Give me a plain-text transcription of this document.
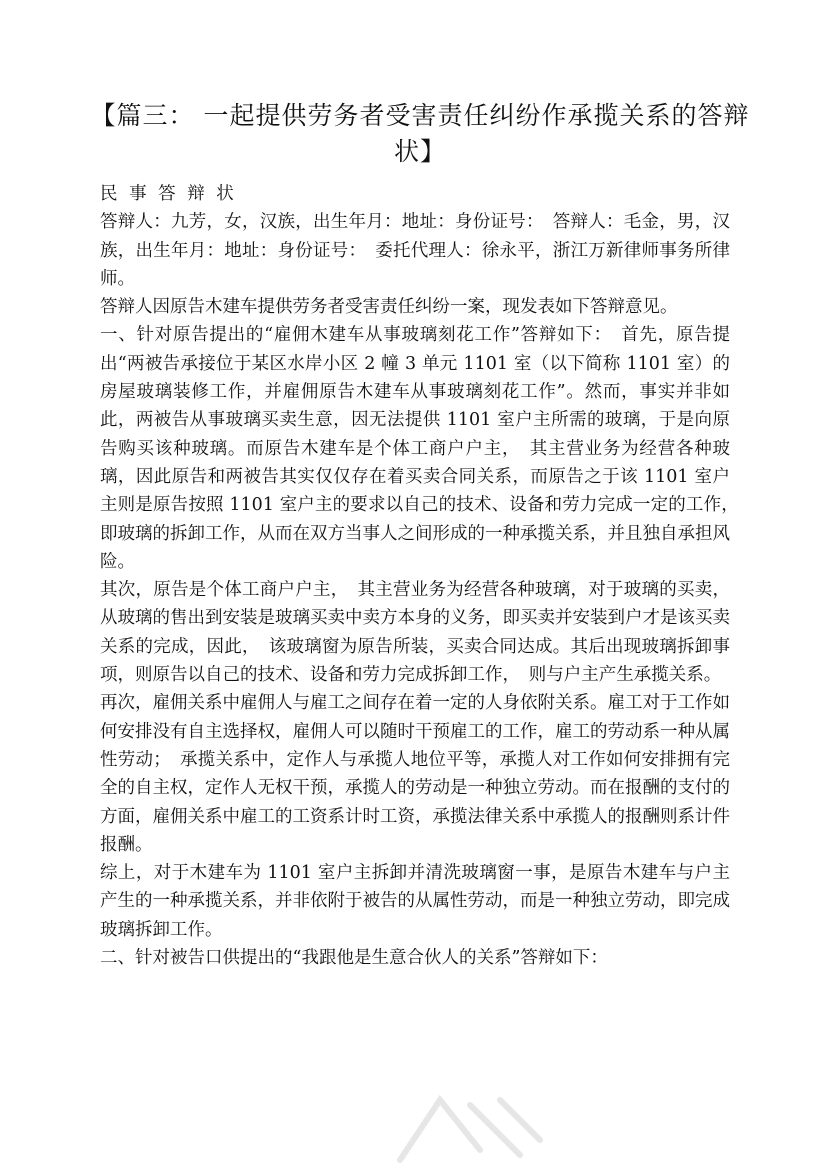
【篇三： 一起提供劳务者受害责任纠纷作承揽关系的答辩状】

民 事 答 辩 状

答辩人：九芳，女，汉族，出生年月：地址：身份证号：　答辩人：毛金，男，汉族，出生年月：地址：身份证号：　委托代理人：徐永平，浙江万新律师事务所律师。

答辩人因原告木建车提供劳务者受害责任纠纷一案，现发表如下答辩意见。

一、针对原告提出的“雇佣木建车从事玻璃刻花工作”答辩如下：　首先，原告提出“两被告承接位于某区水岸小区 2 幢 3 单元 1101 室（以下简称 1101 室）的房屋玻璃装修工作，并雇佣原告木建车从事玻璃刻花工作”。然而，事实并非如此，两被告从事玻璃买卖生意，因无法提供 1101 室户主所需的玻璃，于是向原告购买该种玻璃。而原告木建车是个体工商户户主，　其主营业务为经营各种玻璃，因此原告和两被告其实仅仅存在着买卖合同关系，而原告之于该 1101 室户主则是原告按照 1101 室户主的要求以自己的技术、设备和劳力完成一定的工作，　即玻璃的拆卸工作，从而在双方当事人之间形成的一种承揽关系，并且独自承担风险。

其次，原告是个体工商户户主，　其主营业务为经营各种玻璃，对于玻璃的买卖，从玻璃的售出到安装是玻璃买卖中卖方本身的义务，即买卖并安装到户才是该买卖关系的完成，因此，　该玻璃窗为原告所装，买卖合同达成。其后出现玻璃拆卸事项，则原告以自己的技术、设备和劳力完成拆卸工作，　则与户主产生承揽关系。

再次，雇佣关系中雇佣人与雇工之间存在着一定的人身依附关系。雇工对于工作如何安排没有自主选择权，雇佣人可以随时干预雇工的工作，雇工的劳动系一种从属性劳动；　承揽关系中，定作人与承揽人地位平等，承揽人对工作如何安排拥有完全的自主权，定作人无权干预，承揽人的劳动是一种独立劳动。而在报酬的支付的方面，雇佣关系中雇工的工资系计时工资，承揽法律关系中承揽人的报酬则系计件报酬。

综上，对于木建车为 1101 室户主拆卸并清洗玻璃窗一事，是原告木建车与户主产生的一种承揽关系，并非依附于被告的从属性劳动，而是一种独立劳动，即完成玻璃拆卸工作。

二、针对被告口供提出的“我跟他是生意合伙人的关系”答辩如下：
